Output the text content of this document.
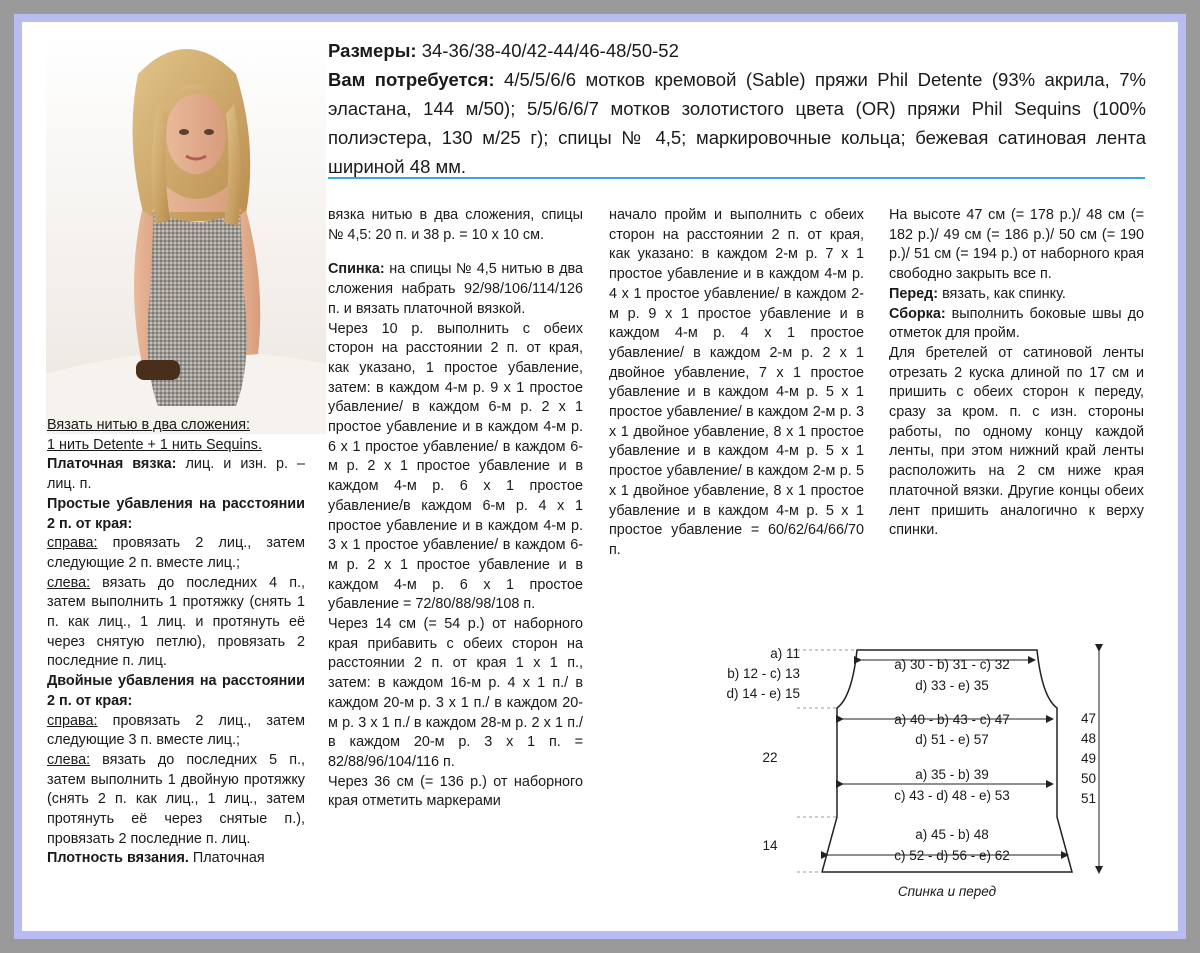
Размеры: 34-36/38-40/42-44/46-48/50-52
Вам потребуется: 4/5/5/6/6 мотков кремовой (Sable) пряжи Phil Detente (93% акрила, 7% эластана, 144 м/50); 5/5/6/6/7 мотков золотистого цвета (OR) пряжи Phil Sequins (100% полиэстера, 130 м/25 г); спицы № 4,5; маркировочные кольца; бежевая сатиновая лента шириной 48 мм.

Вязать нитью в два сложения:

1 нить Detente + 1 нить Sequins.

Платочная вязка: лиц. и изн. р. – лиц. п.

Простые убавления на расстоянии 2 п. от края:

справа: провязать 2 лиц., затем следующие 2 п. вместе лиц.;

слева: вязать до последних 4 п., затем выполнить 1 протяжку (снять 1 п. как лиц., 1 лиц. и протянуть её через снятую петлю), провязать 2 последние п. лиц.

Двойные убавления на расстоянии 2 п. от края:

справа: провязать 2 лиц., затем следующие 3 п. вместе лиц.;

слева: вязать до последних 5 п., затем выполнить 1 двойную протяжку (снять 2 п. как лиц., 1 лиц., затем протянуть её через снятые п.), провязать 2 последние п. лиц.

Плотность вязания. Платочная

вязка нитью в два сложения, спицы № 4,5: 20 п. и 38 р. = 10 x 10 см.

Спинка: на спицы № 4,5 нитью в два сложения набрать 92/98/106/114/126 п. и вязать платочной вязкой.

Через 10 р. выполнить с обеих сторон на расстоянии 2 п. от края, как указано, 1 простое убавление, затем: в каждом 4-м р. 9 x 1 простое убавление/ в каждом 6-м р. 2 x 1 простое убавление и в каждом 4-м р. 6 x 1 простое убавление/ в каждом 6-м р. 2 x 1 простое убавление и в каждом 4-м р. 6 x 1 простое убавление/в каждом 6-м р. 4 x 1 простое убавление и в каждом 4-м р. 3 x 1 простое убавление/ в каждом 6-м р. 2 x 1 простое убавление и в каждом 4-м р. 6 x 1 простое убавление = 72/80/88/98/108 п.

Через 14 см (= 54 р.) от наборного края прибавить с обеих сторон на расстоянии 2 п. от края 1 x 1 п., затем: в каждом 16-м р. 4 x 1 п./ в каждом 20-м р. 3 x 1 п./ в каждом 20-м р. 3 x 1 п./ в каждом 28-м р. 2 x 1 п./ в каждом 20-м р. 3 x 1 п. = 82/88/96/104/116 п.

Через 36 см (= 136 р.) от наборного края отметить маркерами

начало пройм и выполнить с обеих сторон на расстоянии 2 п. от края, как указано: в каждом 2-м р. 7 x 1 простое убавление и в каждом 4-м р. 4 x 1 простое убавление/ в каждом 2-м р. 9 x 1 простое убавление и в каждом 4-м р. 4 x 1 простое убавление/ в каждом 2-м р. 2 x 1 двойное убавление, 7 x 1 простое убавление и в каждом 4-м р. 5 x 1 простое убавление/ в каждом 2-м р. 3 x 1 двойное убавление, 8 x 1 простое убавление и в каждом 4-м р. 5 x 1 простое убавление/ в каждом 2-м р. 5 x 1 двойное убавление, 8 x 1 простое убавление и в каждом 4-м р. 5 x 1 простое убавление = 60/62/64/66/70 п.

На высоте 47 см (= 178 р.)/ 48 см (= 182 р.)/ 49 см (= 186 р.)/ 50 см (= 190 р.)/ 51 см (= 194 р.) от наборного края свободно закрыть все п.

Перед: вязать, как спинку.

Сборка: выполнить боковые швы до отметок для пройм.

Для бретелей от сатиновой ленты отрезать 2 куска длиной по 17 см и пришить с обеих сторон к переду, сразу за кром. п. с изн. стороны работы, по одному концу каждой ленты, при этом нижний край ленты расположить на 2 см ниже края платочной вязки. Другие концы обеих лент пришить аналогично к верху спинки.

a) 11
b) 12 - c) 13
d) 14 - e) 15
a) 30 - b) 31 - c) 32
d) 33 - e) 35
a) 40 - b) 43 - c) 47
d) 51 - e) 57
a) 35 - b) 39
c) 43 - d) 48 - e) 53
a) 45 - b) 48
c) 52 - d) 56 - e) 62
22
14
47
48
49
50
51
Спинка и перед
